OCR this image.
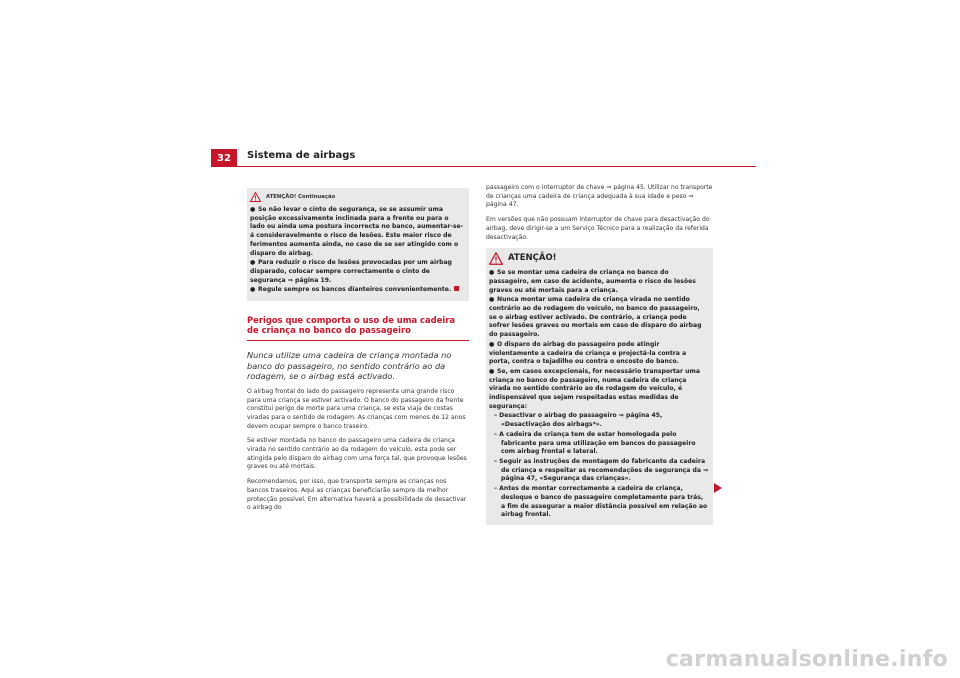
32	Sistema de airbags
ATENÇÃO! Continuação
● Se não levar o cinto de segurança, se se assumir uma posição excessivamente inclinada para a frente ou para o lado ou ainda uma postura incorrecta no banco, aumentar-se-á consideravelmente o risco de lesões. Este maior risco de ferimentos aumenta ainda, no caso de se ser atingido com o disparo do airbag.
● Para reduzir o risco de lesões provocadas por um airbag disparado, colocar sempre correctamente o cinto de segurança ⇒ página 19.
● Regule sempre os bancos dianteiros convenientemente.
Perigos que comporta o uso de uma cadeira de criança no banco do passageiro
Nunca utilize uma cadeira de criança montada no banco do passageiro, no sentido contrário ao da rodagem, se o airbag está activado.

O airbag frontal do lado do passageiro representa uma grande risco para uma criança se estiver activado. O banco do passageiro da frente constitui perigo de morte para uma criança, se esta viaja de costas viradas para o sentido de rodagem. As crianças com menos de 12 anos devem ocupar sempre o banco traseiro.

Se estiver montada no banco do passageiro uma cadeira de criança virada no sentido contrário ao da rodagem do veículo, esta pode ser atingida pelo disparo do airbag com uma força tal, que provoque lesões graves ou até mortais.

Recomendamos, por isso, que transporte sempre as crianças nos bancos traseiros. Aqui as crianças beneficiarão sempre da melhor protecção possível. Em alternativa haverá a possibilidade de desactivar o airbag do

passageiro com o interruptor de chave ⇒ página 45. Utilizar no transporte de crianças uma cadeira de criança adequada à sua idade e peso ⇒ página 47.

Em versões que não possuam interruptor de chave para desactivação do airbag, deve dirigir-se a um Serviço Técnico para a realização da referida desactivação.

ATENÇÃO!
● Se se montar uma cadeira de criança no banco do passageiro, em caso de acidente, aumenta o risco de lesões graves ou até mortais para a criança.
● Nunca montar uma cadeira de criança virada no sentido contrário ao de rodagem do veículo, no banco do passageiro, se o airbag estiver activado. De contrário, a criança pode sofrer lesões graves ou mortais em caso de disparo do airbag do passageiro.
● O disparo do airbag do passageiro pode atingir violentamente a cadeira de criança e projectá-la contra a porta, contra o tejadilho ou contra o encosto do banco.
● Se, em casos excepcionais, for necessário transportar uma criança no banco do passageiro, numa cadeira de criança virada no sentido contrário ao de rodagem do veículo, é indispensável que sejam respeitadas estas medidas de segurança:
– Desactivar o airbag do passageiro ⇒ página 45, «Desactivação dos airbags*».
– A cadeira de criança tem de estar homologada pelo fabricante para uma utilização em bancos do passageiro com airbag frontal e lateral.
– Seguir as instruções de montagem do fabricante da cadeira de criança e respeitar as recomendações de segurança da ⇒ página 47, «Segurança das crianças».
– Antes de montar correctamente a cadeira de criança, desloque o banco do passageiro completamente para trás, a fim de assegurar a maior distância possível em relação ao airbag frontal.
carmanualsonline.info
